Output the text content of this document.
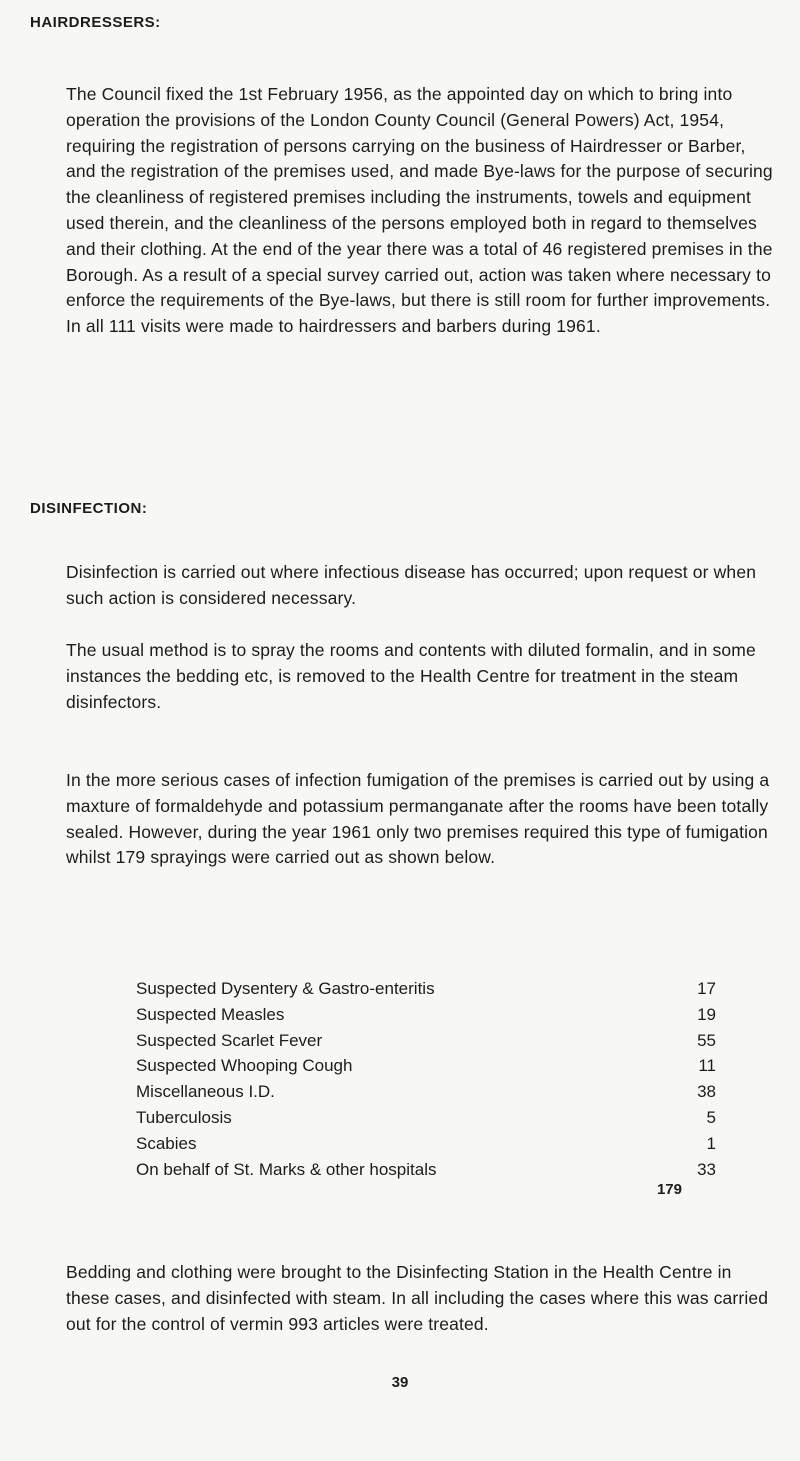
HAIRDRESSERS:

The Council fixed the 1st February 1956, as the appointed day on which to bring into operation the provisions of the London County Council (General Powers) Act, 1954, requiring the registration of persons carrying on the business of Hairdresser or Barber, and the registration of the premises used, and made Bye-laws for the purpose of securing the cleanliness of registered premises including the instruments, towels and equipment used therein, and the cleanliness of the persons employed both in regard to themselves and their clothing. At the end of the year there was a total of 46 registered premises in the Borough. As a result of a special survey carried out, action was taken where necessary to enforce the requirements of the Bye-laws, but there is still room for further improvements. In all 111 visits were made to hairdressers and barbers during 1961.

DISINFECTION:

Disinfection is carried out where infectious disease has occurred; upon request or when such action is considered necessary.

The usual method is to spray the rooms and contents with diluted formalin, and in some instances the bedding etc, is removed to the Health Centre for treatment in the steam disinfectors.

In the more serious cases of infection fumigation of the premises is carried out by using a maxture of formaldehyde and potassium permanganate after the rooms have been totally sealed. However, during the year 1961 only two premises required this type of fumigation whilst 179 sprayings were carried out as shown below.

Suspected Dysentery & Gastro-enteritis	17
Suspected Measles	19
Suspected Scarlet Fever	55
Suspected Whooping Cough	11
Miscellaneous I.D.	38
Tuberculosis	5
Scabies	1
On behalf of St. Marks & other hospitals	33
179

Bedding and clothing were brought to the Disinfecting Station in the Health Centre in these cases, and disinfected with steam. In all including the cases where this was carried out for the control of vermin 993 articles were treated.

39
